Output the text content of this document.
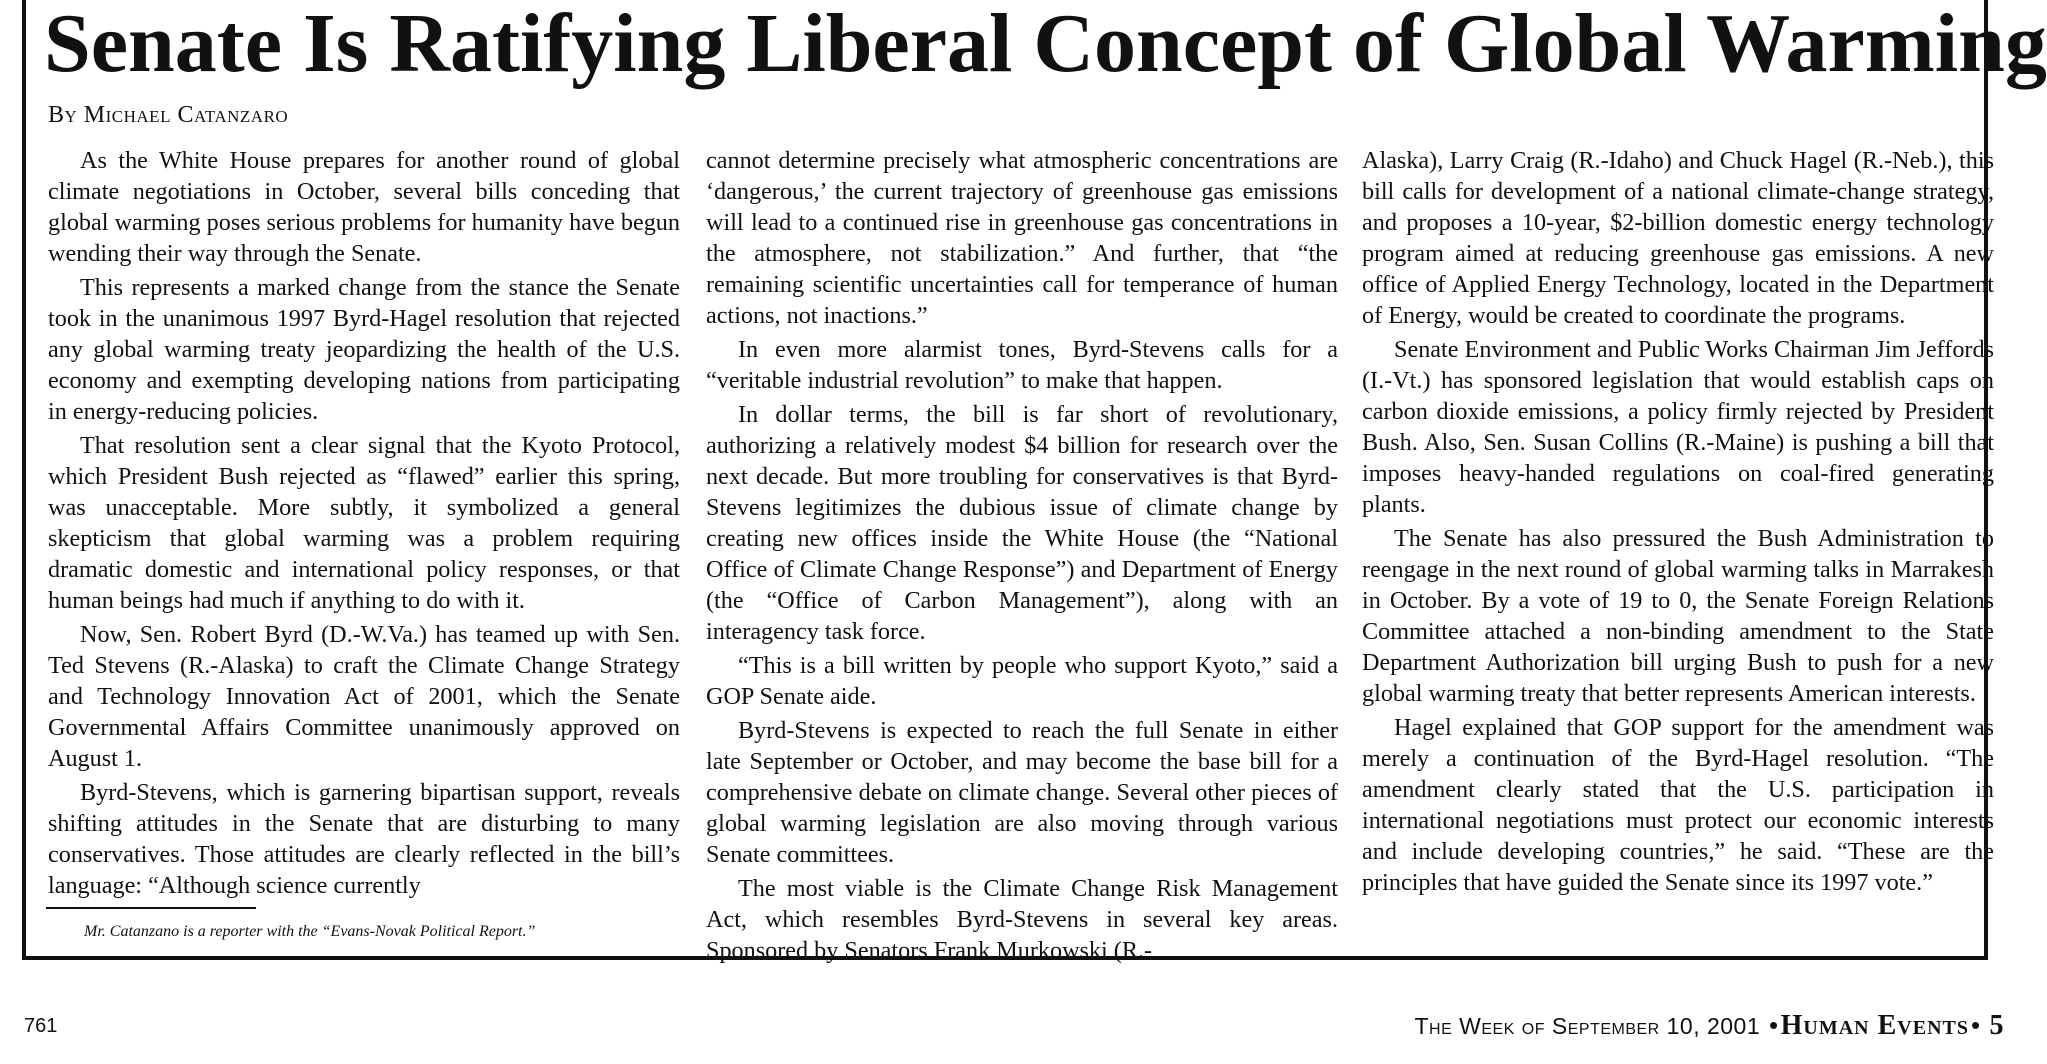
Senate Is Ratifying Liberal Concept of Global Warming
By Michael Catanzaro

As the White House prepares for another round of global climate negotiations in October, several bills conceding that global warming poses serious problems for humanity have begun wending their way through the Senate.

This represents a marked change from the stance the Senate took in the unanimous 1997 Byrd-Hagel resolution that rejected any global warming treaty jeopardizing the health of the U.S. economy and exempting developing nations from participating in energy-reducing policies.

That resolution sent a clear signal that the Kyoto Protocol, which President Bush rejected as “flawed” earlier this spring, was unacceptable. More subtly, it symbolized a general skepticism that global warming was a problem requiring dramatic domestic and international policy responses, or that human beings had much if anything to do with it.

Now, Sen. Robert Byrd (D.-W.Va.) has teamed up with Sen. Ted Stevens (R.-Alaska) to craft the Climate Change Strategy and Technology Innovation Act of 2001, which the Senate Governmental Affairs Committee unanimously approved on August 1.

Byrd-Stevens, which is garnering bipartisan support, reveals shifting attitudes in the Senate that are disturbing to many conservatives. Those attitudes are clearly reflected in the bill’s language: “Although science currently

cannot determine precisely what atmospheric concentrations are ‘dangerous,’ the current trajectory of greenhouse gas emissions will lead to a continued rise in greenhouse gas concentrations in the atmosphere, not stabilization.” And further, that “the remaining scientific uncertainties call for temperance of human actions, not inactions.”

In even more alarmist tones, Byrd-Stevens calls for a “veritable industrial revolution” to make that happen.

In dollar terms, the bill is far short of revolutionary, authorizing a relatively modest $4 billion for research over the next decade. But more troubling for conservatives is that Byrd-Stevens legitimizes the dubious issue of climate change by creating new offices inside the White House (the “National Office of Climate Change Response”) and Department of Energy (the “Office of Carbon Management”), along with an interagency task force.

“This is a bill written by people who support Kyoto,” said a GOP Senate aide.

Byrd-Stevens is expected to reach the full Senate in either late September or October, and may become the base bill for a comprehensive debate on climate change. Several other pieces of global warming legislation are also moving through various Senate committees.

The most viable is the Climate Change Risk Management Act, which resembles Byrd-Stevens in several key areas. Sponsored by Senators Frank Murkowski (R.-

Alaska), Larry Craig (R.-Idaho) and Chuck Hagel (R.-Neb.), this bill calls for development of a national climate-change strategy, and proposes a 10-year, $2-billion domestic energy technology program aimed at reducing greenhouse gas emissions. A new office of Applied Energy Technology, located in the Department of Energy, would be created to coordinate the programs.

Senate Environment and Public Works Chairman Jim Jeffords (I.-Vt.) has sponsored legislation that would establish caps on carbon dioxide emissions, a policy firmly rejected by President Bush. Also, Sen. Susan Collins (R.-Maine) is pushing a bill that imposes heavy-handed regulations on coal-fired generating plants.

The Senate has also pressured the Bush Administration to reengage in the next round of global warming talks in Marrakesh in October. By a vote of 19 to 0, the Senate Foreign Relations Committee attached a non-binding amendment to the State Department Authorization bill urging Bush to push for a new global warming treaty that better represents American interests.

Hagel explained that GOP support for the amendment was merely a continuation of the Byrd-Hagel resolution. “The amendment clearly stated that the U.S. participation in international negotiations must protect our economic interests and include developing countries,” he said. “These are the principles that have guided the Senate since its 1997 vote.”

Mr. Catanzano is a reporter with the “Evans-Novak Political Report.”
761	The Week of September 10, 2001 •Human Events• 5
